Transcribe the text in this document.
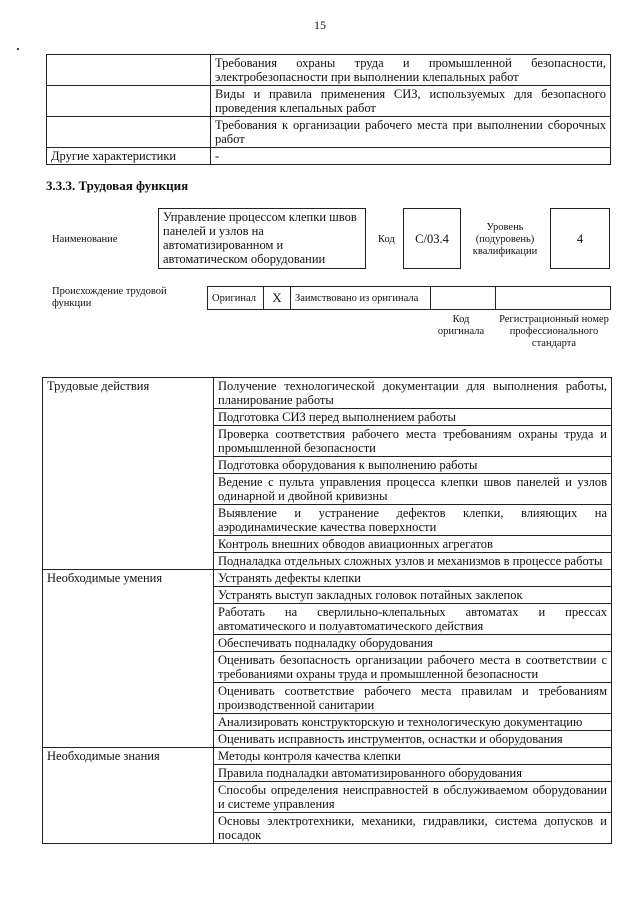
15
	Требования охраны труда и промышленной безопасности, электробезопасности при выполнении клепальных работ
	Виды и правила применения СИЗ, используемых для безопасного проведения клепальных работ
	Требования к организации рабочего места при выполнении сборочных работ
Другие характеристики	-
3.3.3. Трудовая функция
Наименование
Управление процессом клепки швов панелей и узлов на автоматизированном и автоматическом оборудовании
Код	C/03.4
Уровень (подуровень) квалификации
4
Происхождение трудовой функции	Оригинал	X	Заимствовано из оригинала
Код оригинала
Регистрационный номер профессионального стандарта
Трудовые действия	Получение технологической документации для выполнения работы, планирование работы
	Подготовка СИЗ перед выполнением работы
	Проверка соответствия рабочего места требованиям охраны труда и промышленной безопасности
	Подготовка оборудования к выполнению работы
	Ведение с пульта управления процесса клепки швов панелей и узлов одинарной и двойной кривизны
	Выявление и устранение дефектов клепки, влияющих на аэродинамические качества поверхности
	Контроль внешних обводов авиационных агрегатов
	Подналадка отдельных сложных узлов и механизмов в процессе работы
Необходимые умения	Устранять дефекты клепки
	Устранять выступ закладных головок потайных заклепок
	Работать на сверлильно-клепальных автоматах и прессах автоматического и полуавтоматического действия
	Обеспечивать подналадку оборудования
	Оценивать безопасность организации рабочего места в соответствии с требованиями охраны труда и промышленной безопасности
	Оценивать соответствие рабочего места правилам и требованиям производственной санитарии
	Анализировать конструкторскую и технологическую документацию
	Оценивать исправность инструментов, оснастки и оборудования
Необходимые знания	Методы контроля качества клепки
	Правила подналадки автоматизированного оборудования
	Способы определения неисправностей в обслуживаемом оборудовании и системе управления
	Основы электротехники, механики, гидравлики, система допусков и посадок
